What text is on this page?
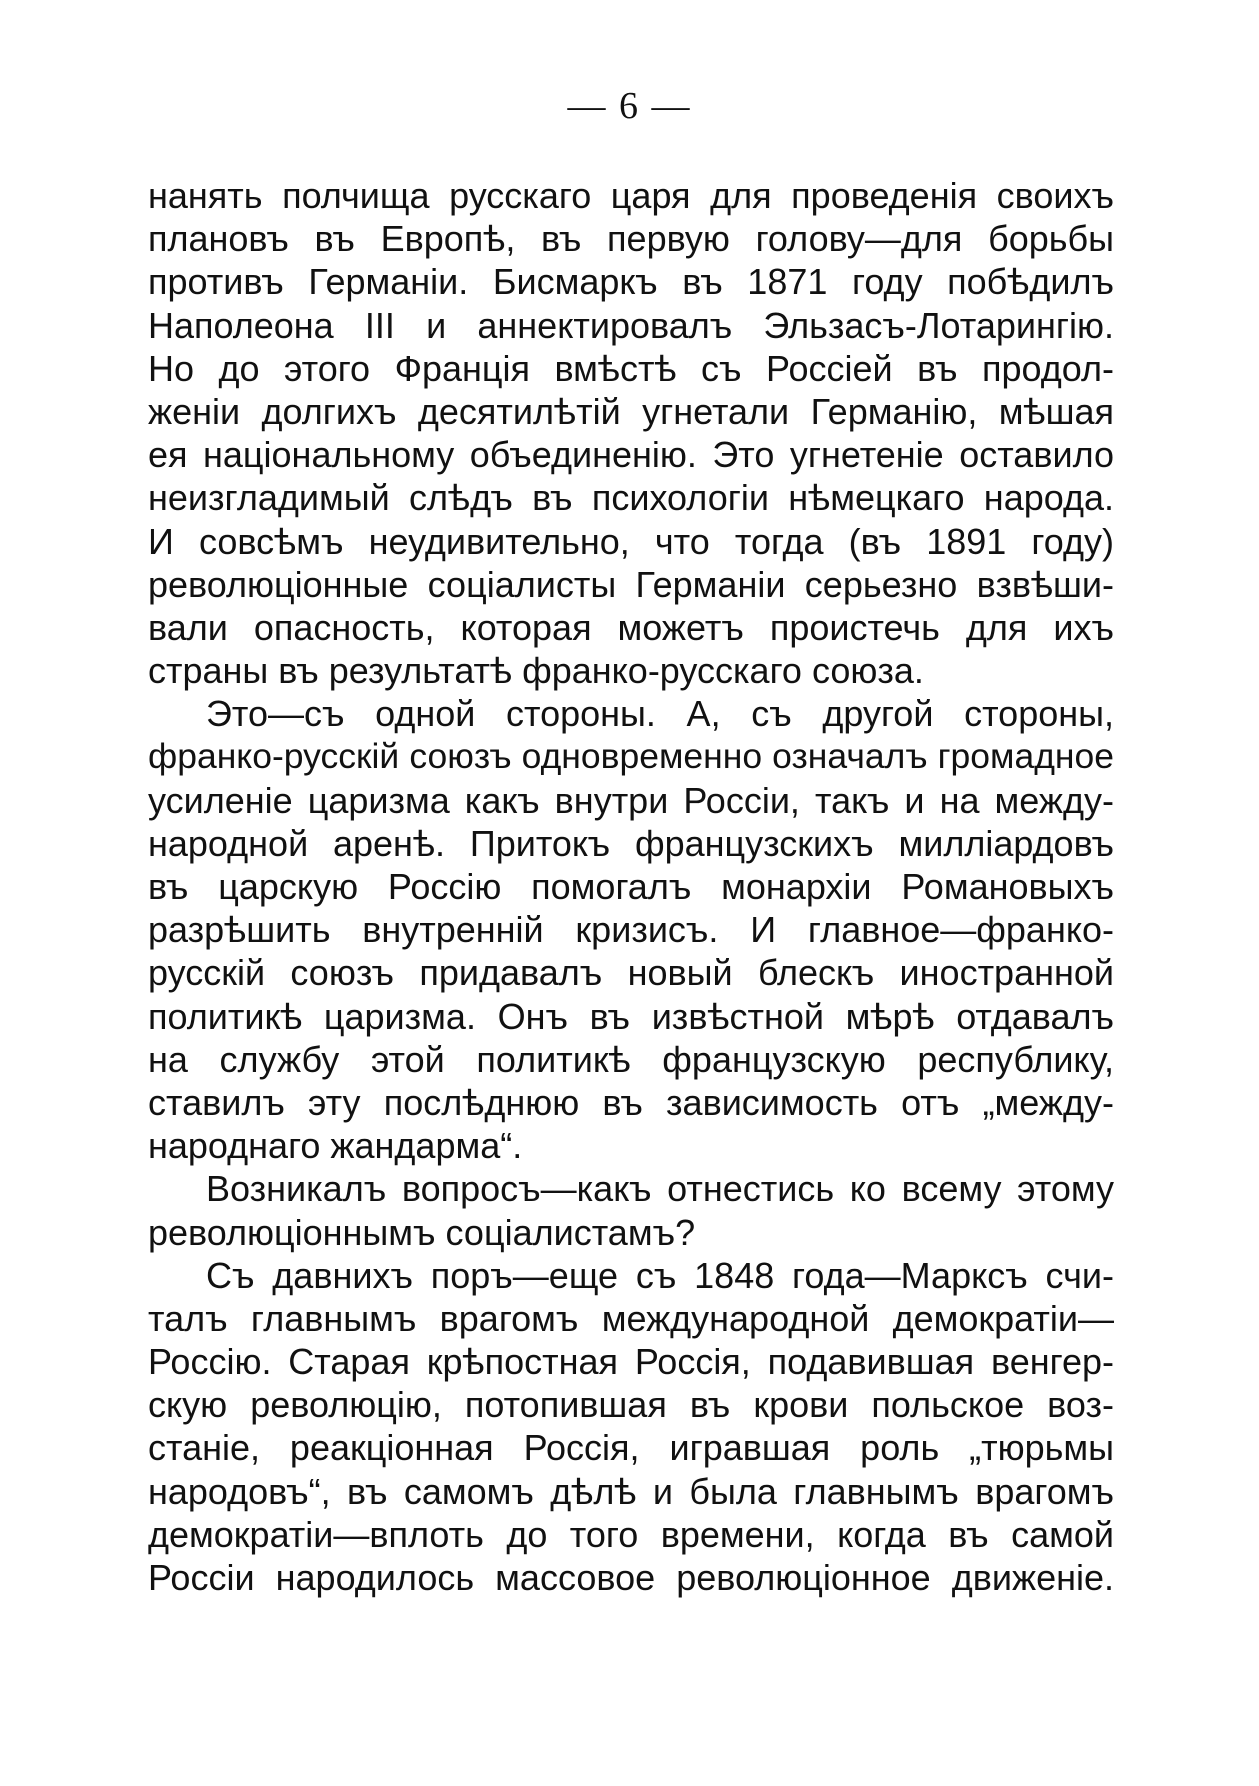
— 6 —
нанять полчища русскаго царя для проведенiя своихъ
плановъ въ Европѣ, въ первую голову—для борьбы
противъ Германiи. Бисмаркъ въ 1871 году побѣдилъ
Наполеона III и аннектировалъ Эльзасъ-Лотарингiю.
Но до этого Францiя вмѣстѣ съ Россiей въ продол-
женiи долгихъ десятилѣтiй угнетали Германiю, мѣшая
ея нацiональному объединенiю. Это угнетенiе оставило
неизгладимый слѣдъ въ психологiи нѣмецкаго народа.
И совсѣмъ неудивительно, что тогда (въ 1891 году)
революцiонные соцiалисты Германiи серьезно взвѣши-
вали опасность, которая можетъ проистечь для ихъ
страны въ результатѣ франко-русскаго союза.
Это—съ одной стороны. А, съ другой стороны,
франко-русскiй союзъ одновременно означалъ громадное
усиленiе царизма какъ внутри Россiи, такъ и на между-
народной аренѣ. Притокъ французскихъ миллiардовъ
въ царскую Россiю помогалъ монархiи Романовыхъ
разрѣшить внутреннiй кризисъ. И главное—франко-
русскiй союзъ придавалъ новый блескъ иностранной
политикѣ царизма. Онъ въ извѣстной мѣрѣ отдавалъ
на службу этой политикѣ французскую республику,
ставилъ эту послѣднюю въ зависимость отъ „между-
народнаго жандарма“.
Возникалъ вопросъ—какъ отнестись ко всему этому
революцiоннымъ соцiалистамъ?
Съ давнихъ поръ—еще съ 1848 года—Марксъ счи-
талъ главнымъ врагомъ международной демократiи—
Россiю. Старая крѣпостная Россiя, подавившая венгер-
скую революцiю, потопившая въ крови польское воз-
станiе, реакцiонная Россiя, игравшая роль „тюрьмы
народовъ“, въ самомъ дѣлѣ и была главнымъ врагомъ
демократiи—вплоть до того времени, когда въ самой
Россiи народилось массовое революцiонное движенiе.
